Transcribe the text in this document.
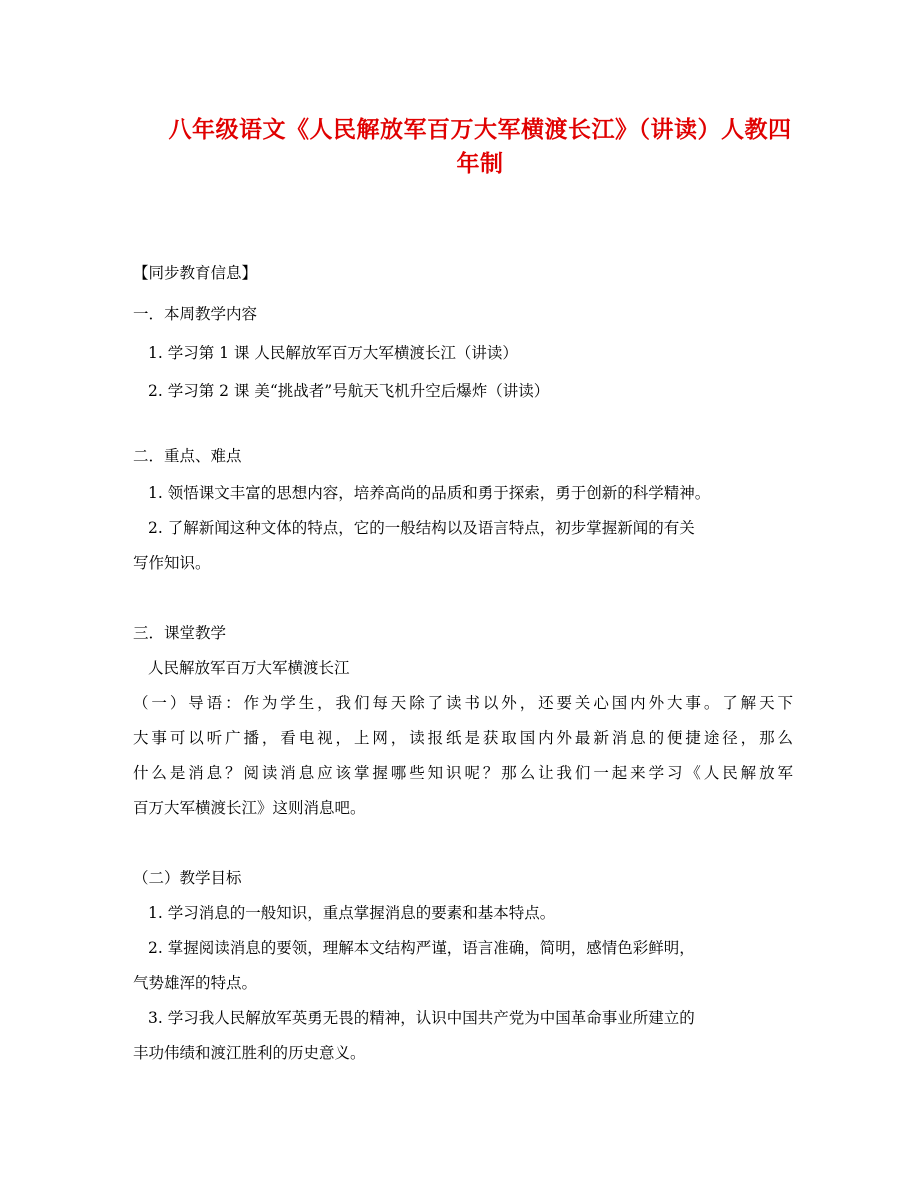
八年级语文《人民解放军百万大军横渡长江》（讲读）人教四
年制
【同步教育信息】
一．本周教学内容
1. 学习第 1 课 人民解放军百万大军横渡长江（讲读）
2. 学习第 2 课 美“挑战者”号航天飞机升空后爆炸（讲读）
二．重点、难点
1. 领悟课文丰富的思想内容，培养高尚的品质和勇于探索，勇于创新的科学精神。
2. 了解新闻这种文体的特点，它的一般结构以及语言特点，初步掌握新闻的有关
写作知识。
三．课堂教学
人民解放军百万大军横渡长江
（一）导语：作为学生，我们每天除了读书以外，还要关心国内外大事。了解天下
大事可以听广播，看电视，上网，读报纸是获取国内外最新消息的便捷途径，那么
什么是消息？阅读消息应该掌握哪些知识呢？那么让我们一起来学习《人民解放军
百万大军横渡长江》这则消息吧。
（二）教学目标
1. 学习消息的一般知识，重点掌握消息的要素和基本特点。
2. 掌握阅读消息的要领，理解本文结构严谨，语言准确，简明，感情色彩鲜明，
气势雄浑的特点。
3. 学习我人民解放军英勇无畏的精神，认识中国共产党为中国革命事业所建立的
丰功伟绩和渡江胜利的历史意义。
